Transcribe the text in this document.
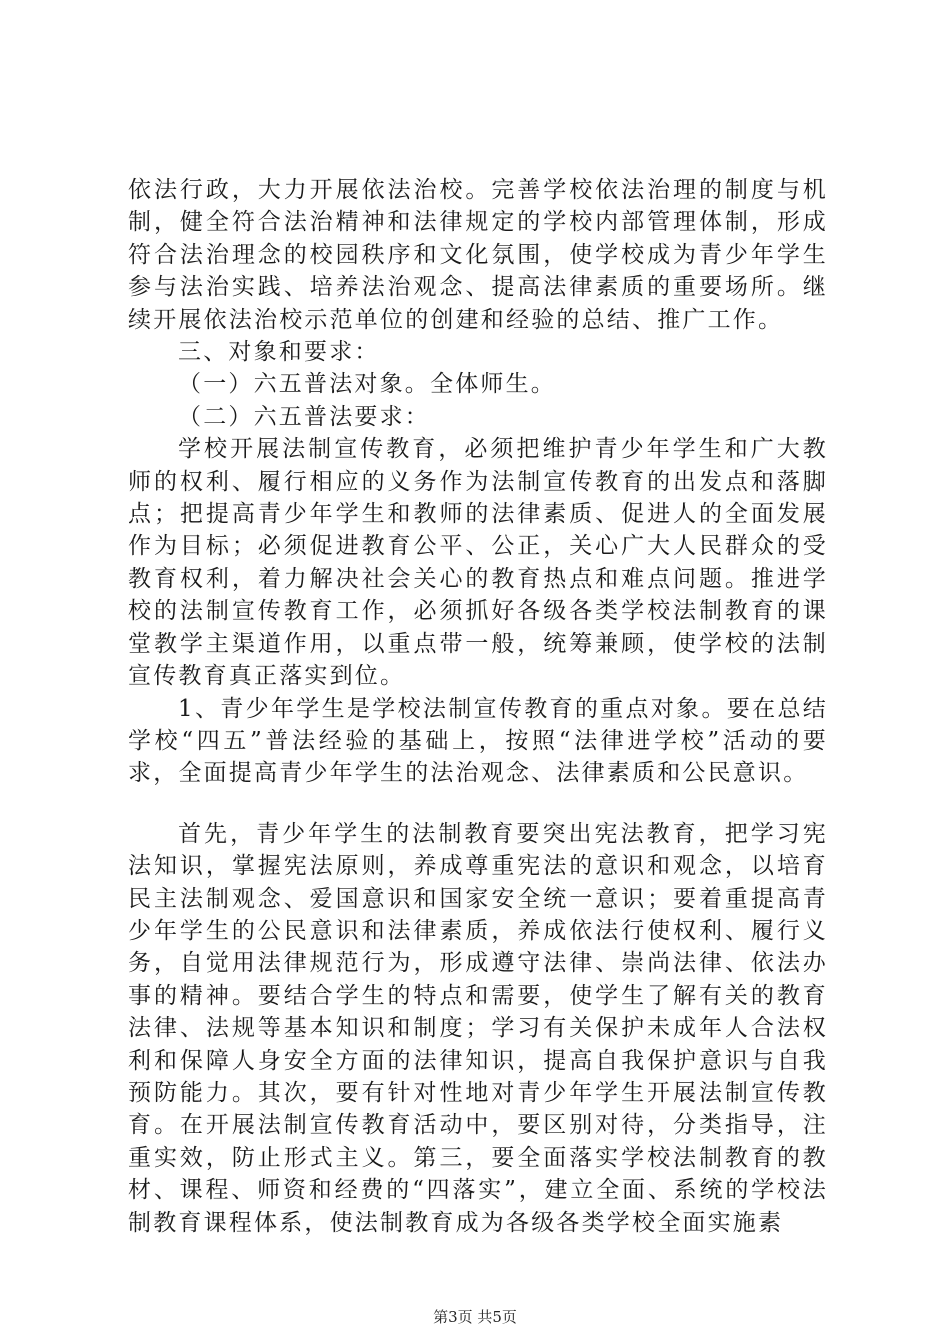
依法行政，大力开展依法治校。完善学校依法治理的制度与机制，健全符合法治精神和法律规定的学校内部管理体制，形成符合法治理念的校园秩序和文化氛围，使学校成为青少年学生参与法治实践、培养法治观念、提高法律素质的重要场所。继续开展依法治校示范单位的创建和经验的总结、推广工作。

三、对象和要求：

（一）六五普法对象。全体师生。

（二）六五普法要求：

学校开展法制宣传教育，必须把维护青少年学生和广大教师的权利、履行相应的义务作为法制宣传教育的出发点和落脚点；把提高青少年学生和教师的法律素质、促进人的全面发展作为目标；必须促进教育公平、公正，关心广大人民群众的受教育权利，着力解决社会关心的教育热点和难点问题。推进学校的法制宣传教育工作，必须抓好各级各类学校法制教育的课堂教学主渠道作用，以重点带一般，统筹兼顾，使学校的法制宣传教育真正落实到位。

1、青少年学生是学校法制宣传教育的重点对象。要在总结学校“四五”普法经验的基础上，按照“法律进学校”活动的要求，全面提高青少年学生的法治观念、法律素质和公民意识。

首先，青少年学生的法制教育要突出宪法教育，把学习宪法知识，掌握宪法原则，养成尊重宪法的意识和观念，以培育民主法制观念、爱国意识和国家安全统一意识；要着重提高青少年学生的公民意识和法律素质，养成依法行使权利、履行义务，自觉用法律规范行为，形成遵守法律、崇尚法律、依法办事的精神。要结合学生的特点和需要，使学生了解有关的教育法律、法规等基本知识和制度；学习有关保护未成年人合法权利和保障人身安全方面的法律知识，提高自我保护意识与自我预防能力。其次，要有针对性地对青少年学生开展法制宣传教育。在开展法制宣传教育活动中，要区别对待，分类指导，注重实效，防止形式主义。第三，要全面落实学校法制教育的教材、课程、师资和经费的“四落实”，建立全面、系统的学校法制教育课程体系，使法制教育成为各级各类学校全面实施素

第3页 共5页
